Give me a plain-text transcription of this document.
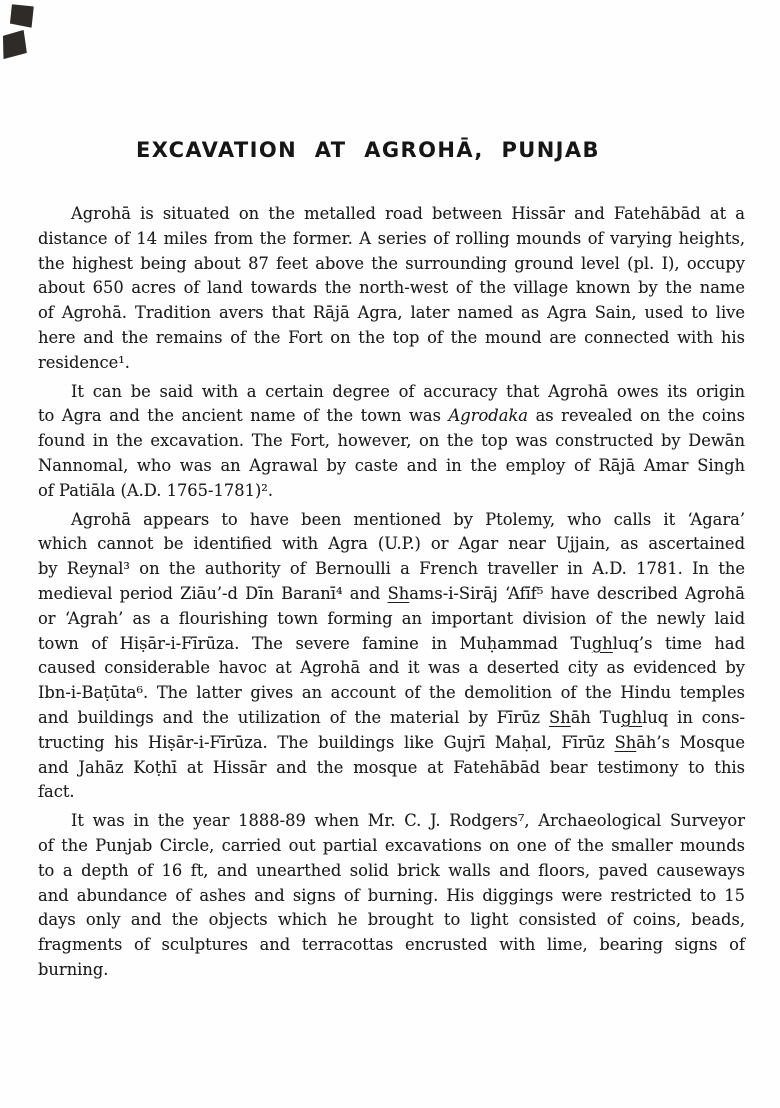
EXCAVATION AT AGROHĀ, PUNJAB

Agrohā is situated on the metalled road between Hissār and Fatehābād at a
distance of 14 miles from the former. A series of rolling mounds of varying heights,
the highest being about 87 feet above the surrounding ground level (pl. I), occupy
about 650 acres of land towards the north-west of the village known by the name
of Agrohā. Tradition avers that Rājā Agra, later named as Agra Sain, used to live
here and the remains of the Fort on the top of the mound are connected with his
residence¹.

It can be said with a certain degree of accuracy that Agrohā owes its origin
to Agra and the ancient name of the town was Agrodaka as revealed on the coins
found in the excavation. The Fort, however, on the top was constructed by Dewān
Nannomal, who was an Agrawal by caste and in the employ of Rājā Amar Singh
of Patiāla (A.D. 1765-1781)².

Agrohā appears to have been mentioned by Ptolemy, who calls it ‘Agara’
which cannot be identified with Agra (U.P.) or Agar near Ujjain, as ascertained
by Reynal³ on the authority of Bernoulli a French traveller in A.D. 1781. In the
medieval period Ziāu’-d Dīn Baranī⁴ and Shams-i-Sirāj ‘Afīf⁵ have described Agrohā
or ‘Agrah’ as a flourishing town forming an important division of the newly laid
town of Hiṣār-i-Fīrūza. The severe famine in Muḥammad Tughluq’s time had
caused considerable havoc at Agrohā and it was a deserted city as evidenced by
Ibn-i-Baṭūta⁶. The latter gives an account of the demolition of the Hindu temples
and buildings and the utilization of the material by Fīrūz Shāh Tughluq in cons-
tructing his Hiṣār-i-Fīrūza. The buildings like Gujrī Maḥal, Fīrūz Shāh’s Mosque
and Jahāz Koṭhī at Hissār and the mosque at Fatehābād bear testimony to this
fact.

It was in the year 1888-89 when Mr. C. J. Rodgers⁷, Archaeological Surveyor
of the Punjab Circle, carried out partial excavations on one of the smaller mounds
to a depth of 16 ft, and unearthed solid brick walls and floors, paved causeways
and abundance of ashes and signs of burning. His diggings were restricted to 15
days only and the objects which he brought to light consisted of coins, beads,
fragments of sculptures and terracottas encrusted with lime, bearing signs of burning.
